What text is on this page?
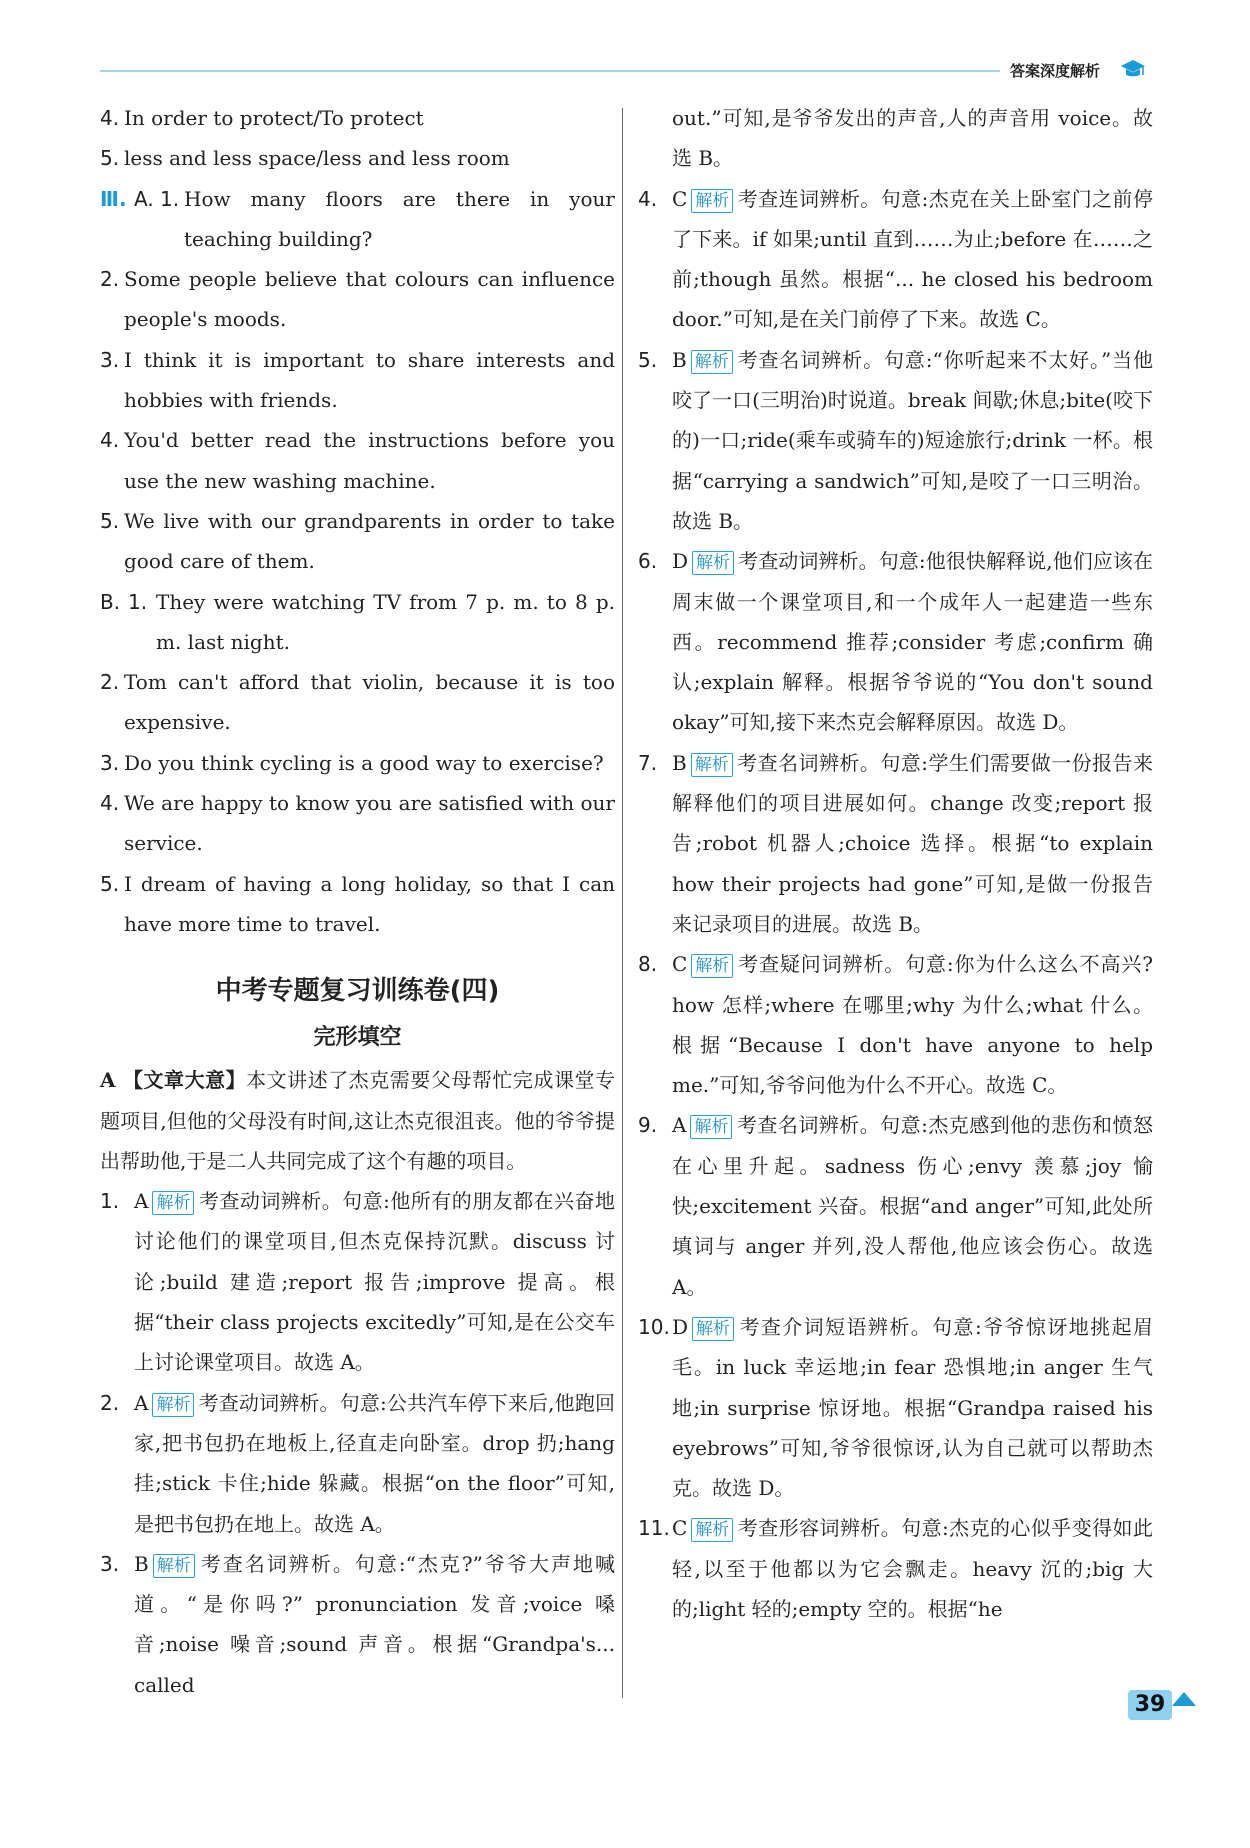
答案深度解析
4. In order to protect/To protect
5. less and less space/less and less room
Ⅲ. A. 1. How many floors are there in your teaching building?
2. Some people believe that colours can influence people's moods.
3. I think it is important to share interests and hobbies with friends.
4. You'd better read the instructions before you use the new washing machine.
5. We live with our grandparents in order to take good care of them.
B. 1. They were watching TV from 7 p. m. to 8 p. m. last night.
2. Tom can't afford that violin, because it is too expensive.
3. Do you think cycling is a good way to exercise?
4. We are happy to know you are satisfied with our service.
5. I dream of having a long holiday, so that I can have more time to travel.
中考专题复习训练卷(四)
完形填空
A 【文章大意】本文讲述了杰克需要父母帮忙完成课堂专题项目,但他的父母没有时间,这让杰克很沮丧。他的爷爷提出帮助他,于是二人共同完成了这个有趣的项目。
1. A 解析 考查动词辨析。句意:他所有的朋友都在兴奋地讨论他们的课堂项目,但杰克保持沉默。discuss 讨论;build 建造;report 报告;improve 提高。根据“their class projects excitedly”可知,是在公交车上讨论课堂项目。故选 A。
2. A 解析 考查动词辨析。句意:公共汽车停下来后,他跑回家,把书包扔在地板上,径直走向卧室。drop 扔;hang 挂;stick 卡住;hide 躲藏。根据“on the floor”可知,是把书包扔在地上。故选 A。
3. B 解析 考查名词辨析。句意:“杰克?”爷爷大声地喊道。“是你吗?” pronunciation 发音;voice 嗓音;noise 噪音;sound 声音。根据“Grandpa's... called
out.”可知,是爷爷发出的声音,人的声音用 voice。故选 B。
4. C 解析 考查连词辨析。句意:杰克在关上卧室门之前停了下来。if 如果;until 直到……为止;before 在……之前;though 虽然。根据“... he closed his bedroom door.”可知,是在关门前停了下来。故选 C。
5. B 解析 考查名词辨析。句意:“你听起来不太好。”当他咬了一口(三明治)时说道。break 间歇;休息;bite(咬下的)一口;ride(乘车或骑车的)短途旅行;drink 一杯。根据“carrying a sandwich”可知,是咬了一口三明治。故选 B。
6. D 解析 考查动词辨析。句意:他很快解释说,他们应该在周末做一个课堂项目,和一个成年人一起建造一些东西。recommend 推荐;consider 考虑;confirm 确认;explain 解释。根据爷爷说的“You don't sound okay”可知,接下来杰克会解释原因。故选 D。
7. B 解析 考查名词辨析。句意:学生们需要做一份报告来解释他们的项目进展如何。change 改变;report 报告;robot 机器人;choice 选择。根据“to explain how their projects had gone”可知,是做一份报告来记录项目的进展。故选 B。
8. C 解析 考查疑问词辨析。句意:你为什么这么不高兴? how 怎样;where 在哪里;why 为什么;what 什么。根据“Because I don't have anyone to help me.”可知,爷爷问他为什么不开心。故选 C。
9. A 解析 考查名词辨析。句意:杰克感到他的悲伤和愤怒在心里升起。sadness 伤心;envy 羡慕;joy 愉快;excitement 兴奋。根据“and anger”可知,此处所填词与 anger 并列,没人帮他,他应该会伤心。故选 A。
10. D 解析 考查介词短语辨析。句意:爷爷惊讶地挑起眉毛。in luck 幸运地;in fear 恐惧地;in anger 生气地;in surprise 惊讶地。根据“Grandpa raised his eyebrows”可知,爷爷很惊讶,认为自己就可以帮助杰克。故选 D。
11. C 解析 考查形容词辨析。句意:杰克的心似乎变得如此轻,以至于他都以为它会飘走。heavy 沉的;big 大的;light 轻的;empty 空的。根据“he
39
